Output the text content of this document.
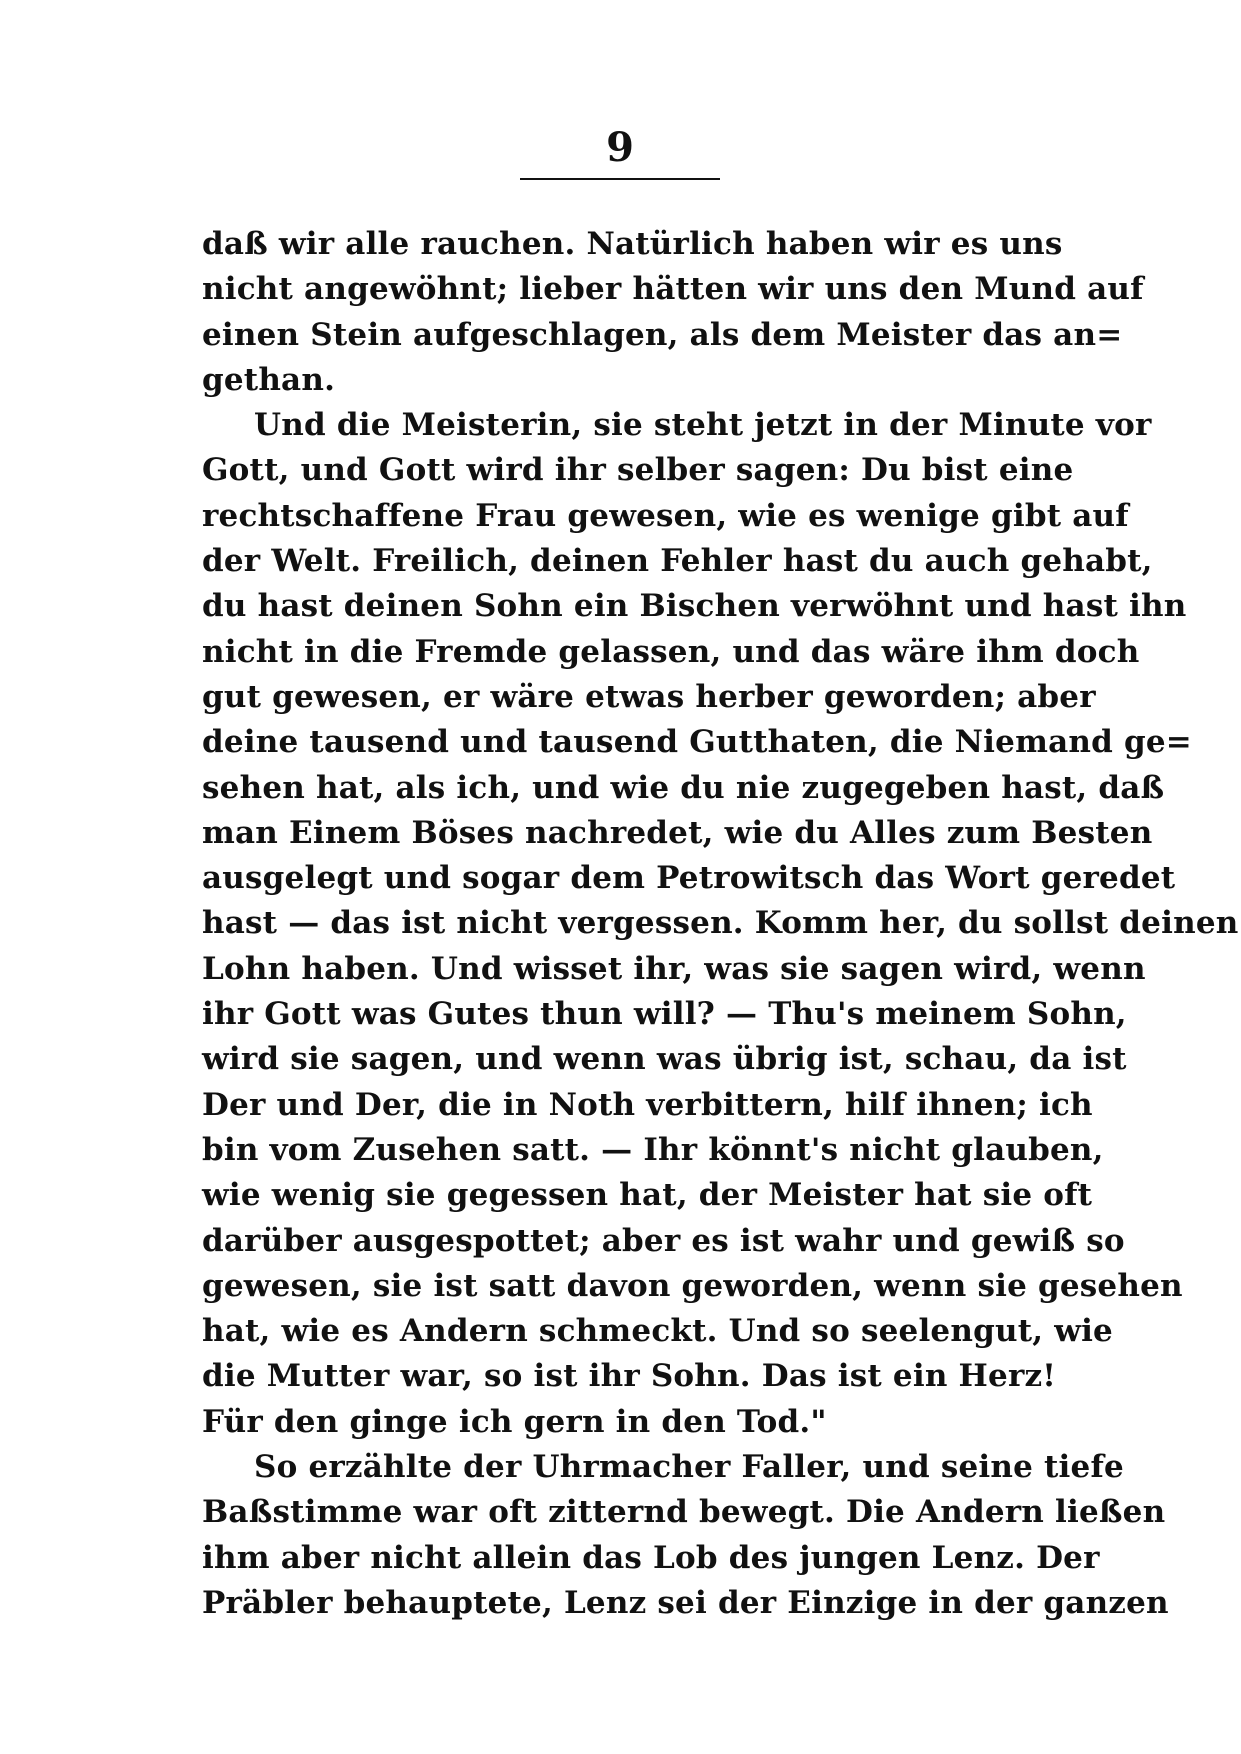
9
daß wir alle rauchen. Natürlich haben wir es uns
nicht angewöhnt; lieber hätten wir uns den Mund auf
einen Stein aufgeschlagen, als dem Meister das an=
gethan.
Und die Meisterin, sie steht jetzt in der Minute vor
Gott, und Gott wird ihr selber sagen: Du bist eine
rechtschaffene Frau gewesen, wie es wenige gibt auf
der Welt. Freilich, deinen Fehler hast du auch gehabt,
du hast deinen Sohn ein Bischen verwöhnt und hast ihn
nicht in die Fremde gelassen, und das wäre ihm doch
gut gewesen, er wäre etwas herber geworden; aber
deine tausend und tausend Gutthaten, die Niemand ge=
sehen hat, als ich, und wie du nie zugegeben hast, daß
man Einem Böses nachredet, wie du Alles zum Besten
ausgelegt und sogar dem Petrowitsch das Wort geredet
hast — das ist nicht vergessen. Komm her, du sollst deinen
Lohn haben. Und wisset ihr, was sie sagen wird, wenn
ihr Gott was Gutes thun will? — Thu's meinem Sohn,
wird sie sagen, und wenn was übrig ist, schau, da ist
Der und Der, die in Noth verbittern, hilf ihnen; ich
bin vom Zusehen satt. — Ihr könnt's nicht glauben,
wie wenig sie gegessen hat, der Meister hat sie oft
darüber ausgespottet; aber es ist wahr und gewiß so
gewesen, sie ist satt davon geworden, wenn sie gesehen
hat, wie es Andern schmeckt. Und so seelengut, wie
die Mutter war, so ist ihr Sohn. Das ist ein Herz!
Für den ginge ich gern in den Tod."
So erzählte der Uhrmacher Faller, und seine tiefe
Baßstimme war oft zitternd bewegt. Die Andern ließen
ihm aber nicht allein das Lob des jungen Lenz. Der
Präbler behauptete, Lenz sei der Einzige in der ganzen
